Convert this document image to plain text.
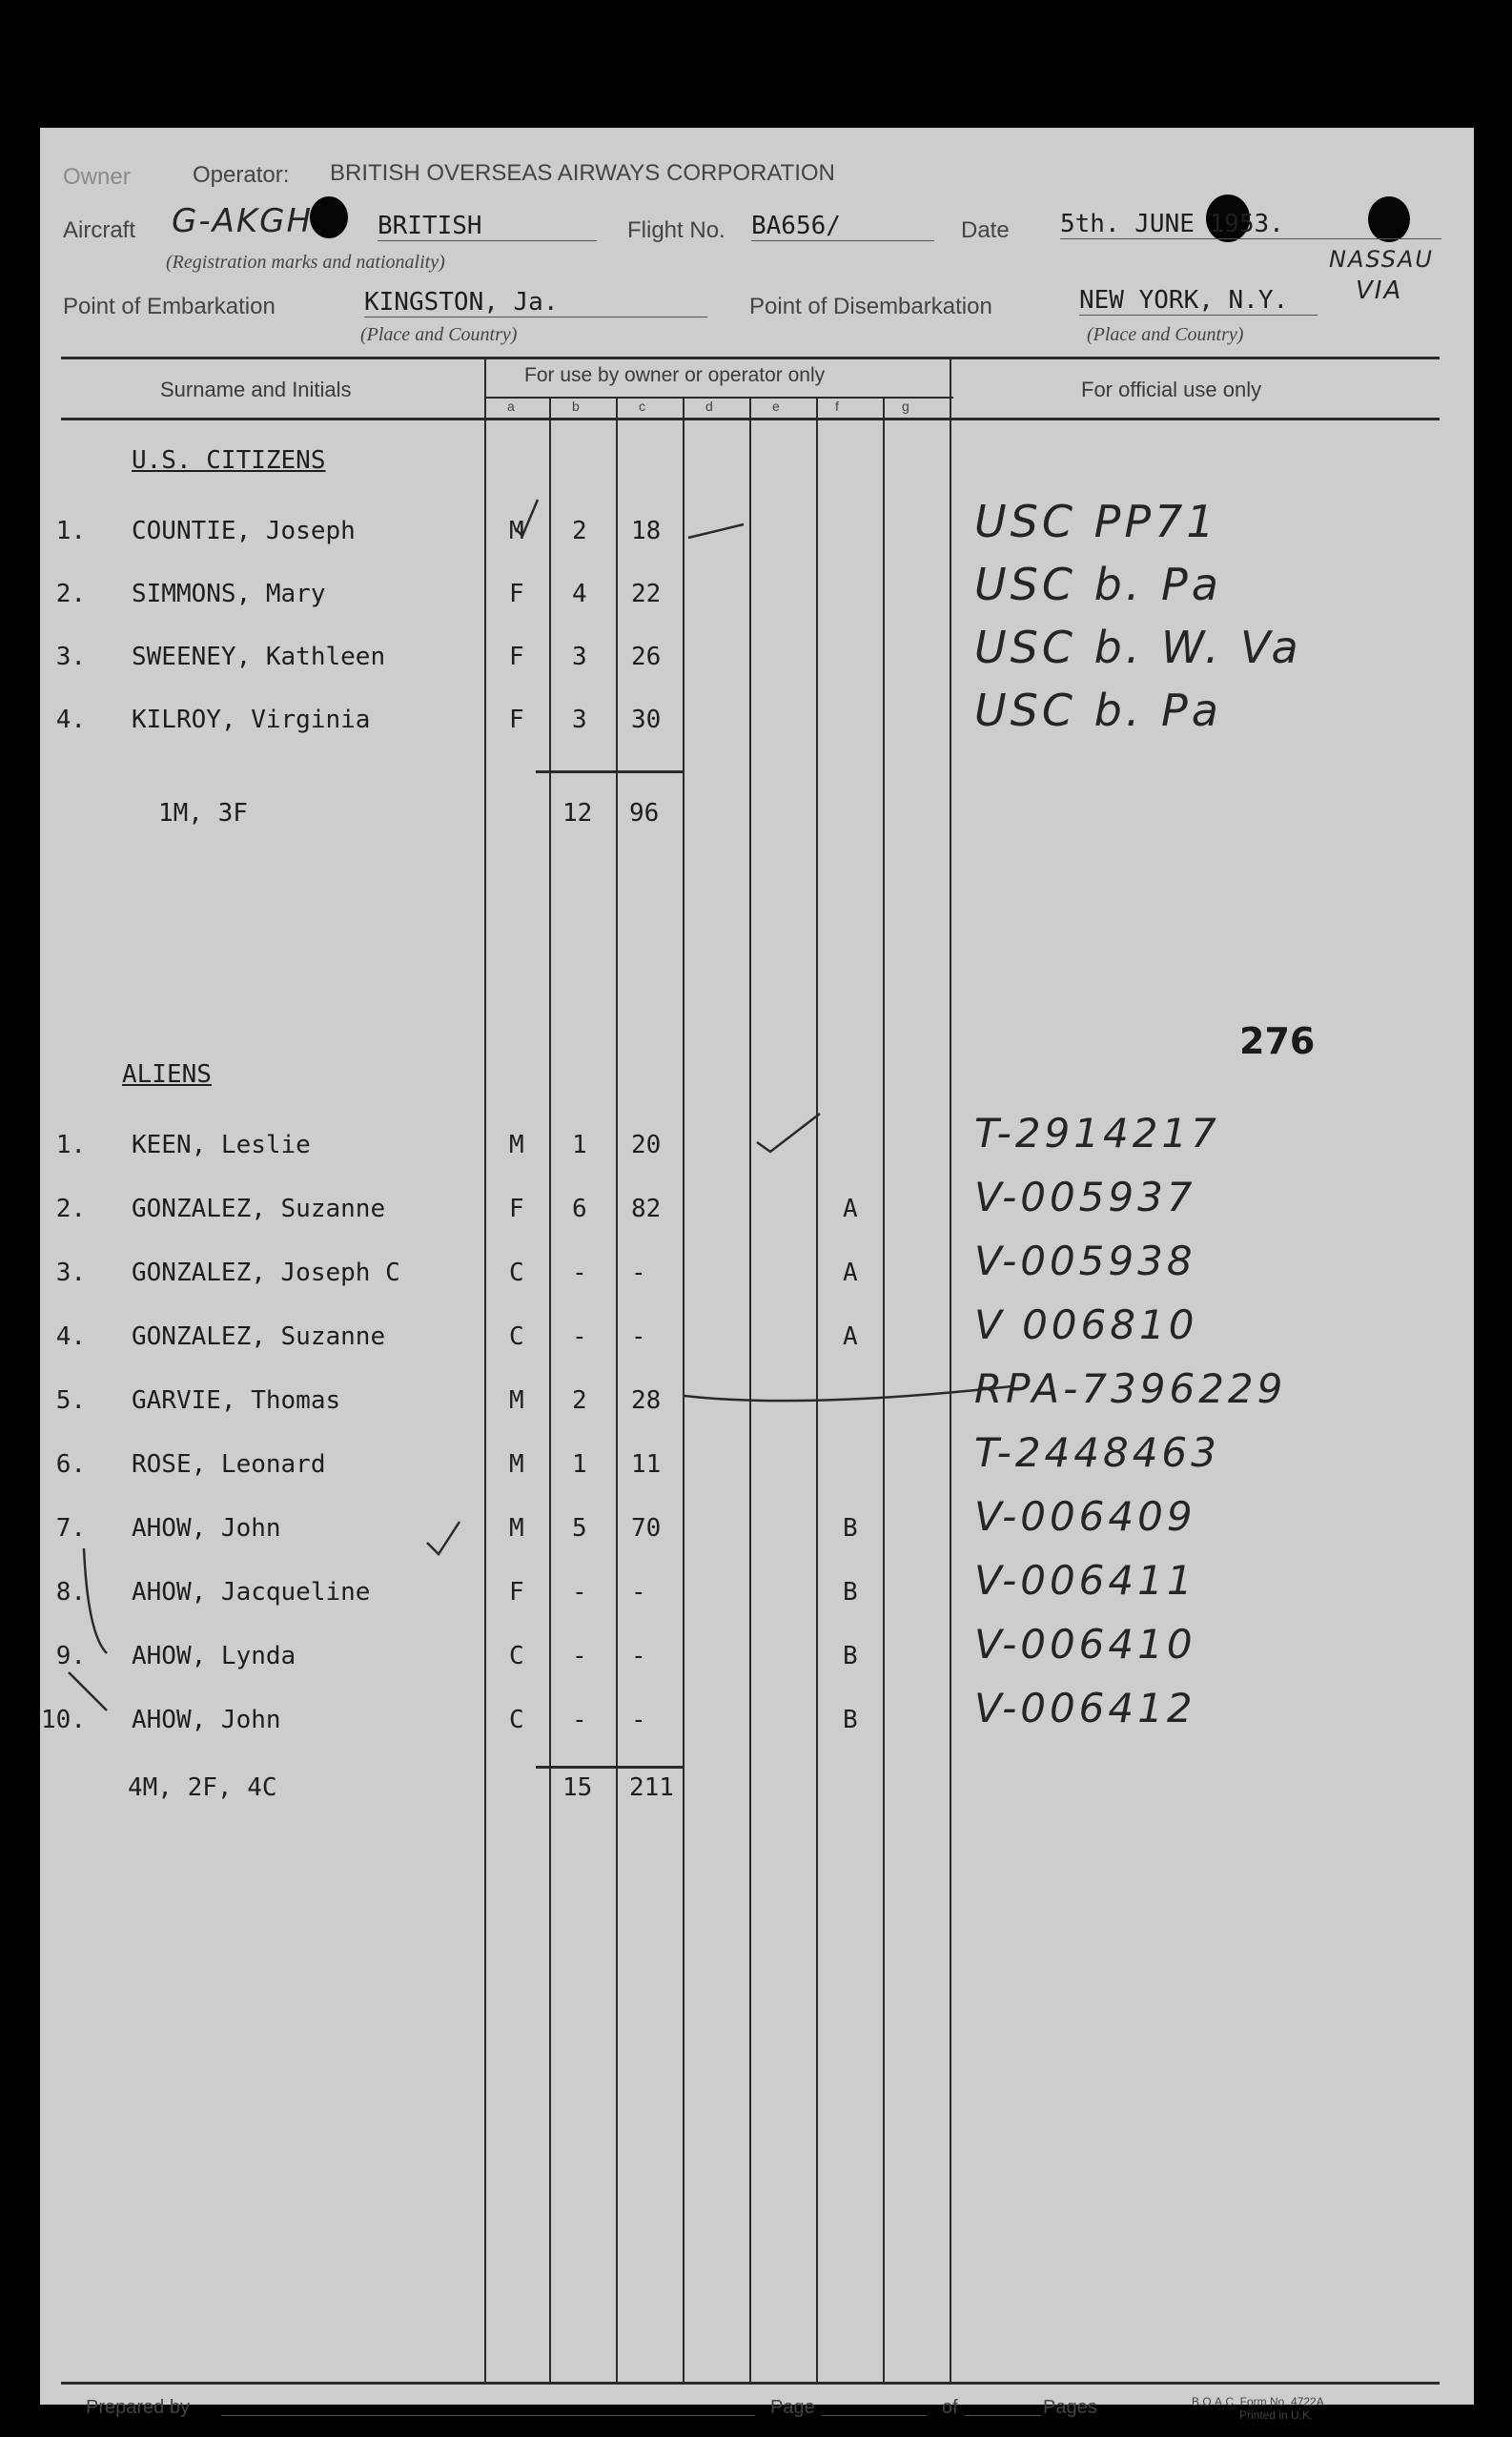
Owner	Operator: BRITISH OVERSEAS AIRWAYS CORPORATION
Aircraft G-AKGH	BRITISH
(Registration marks and nationality)
Flight No. BA656/	Date 5th. JUNE 1953.
NASSAU
Point of Embarkation	KINGSTON, Ja.
(Place and Country)
Point of Disembarkation	NEW YORK, N.Y.	VIA
(Place and Country)
Surname and Initials
For use by owner or operator only
For official use only
a	b	c	d	e	f	g
U.S. CITIZENS
1. COUNTIE, Joseph	M 2 18	USC PP71
2. SIMMONS, Mary	F 4 22	USC b. Pa
3. SWEENEY, Kathleen	F 3 26	USC b. W. Va
4. KILROY, Virginia	F 3 30	USC b. Pa
1M, 3F	12 96
276
ALIENS
1. KEEN, Leslie	M 1 20	T-2914217
2. GONZALEZ, Suzanne	F 6 82	A	V-005937
3. GONZALEZ, Joseph C	C - -	A	V-005938
4. GONZALEZ, Suzanne	C - -	A	V 006810
5. GARVIE, Thomas	M 2 28	RPA-7396229
6. ROSE, Leonard	M 1 11	T-2448463
7. AHOW, John	M 5 70	B	V-006409
8. AHOW, Jacqueline	F - -	B	V-006411
9. AHOW, Lynda	C - -	B	V-006410
10. AHOW, John	C - -	B	V-006412
4M, 2F, 4C	15 211
Prepared by	Page	of	Pages	B.O.A.C. Form No. 4722A
Printed in U.K.
